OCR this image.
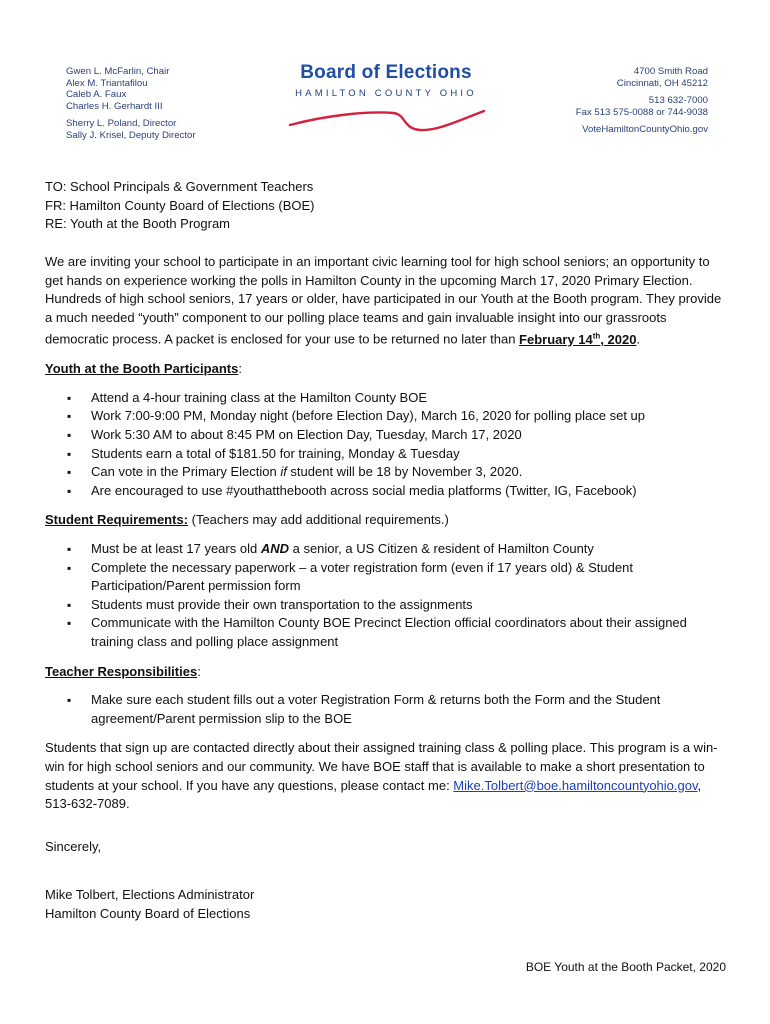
Gwen L. McFarlin, Chair
Alex M. Triantafilou
Caleb A. Faux
Charles H. Gerhardt III
Sherry L. Poland, Director
Sally J. Krisel, Deputy Director
Board of Elections
HAMILTON COUNTY OHIO
4700 Smith Road
Cincinnati, OH 45212
513 632-7000
Fax 513 575-0088 or 744-9038
VoteHamiltonCountyOhio.gov
TO: School Principals & Government Teachers
FR: Hamilton County Board of Elections (BOE)
RE: Youth at the Booth Program

We are inviting your school to participate in an important civic learning tool for high school seniors; an opportunity to get hands on experience working the polls in Hamilton County in the upcoming March 17, 2020 Primary Election. Hundreds of high school seniors, 17 years or older, have participated in our Youth at the Booth program. They provide a much needed “youth” component to our polling place teams and gain invaluable insight into our grassroots democratic process. A packet is enclosed for your use to be returned no later than February 14th, 2020.

Youth at the Booth Participants:

▪ Attend a 4-hour training class at the Hamilton County BOE
▪ Work 7:00-9:00 PM, Monday night (before Election Day), March 16, 2020 for polling place set up
▪ Work 5:30 AM to about 8:45 PM on Election Day, Tuesday, March 17, 2020
▪ Students earn a total of $181.50 for training, Monday & Tuesday
▪ Can vote in the Primary Election if student will be 18 by November 3, 2020.
▪ Are encouraged to use #youthatthebooth across social media platforms (Twitter, IG, Facebook)

Student Requirements: (Teachers may add additional requirements.)

▪ Must be at least 17 years old AND a senior, a US Citizen & resident of Hamilton County
▪ Complete the necessary paperwork – a voter registration form (even if 17 years old) & Student Participation/Parent permission form
▪ Students must provide their own transportation to the assignments
▪ Communicate with the Hamilton County BOE Precinct Election official coordinators about their assigned training class and polling place assignment

Teacher Responsibilities:

▪ Make sure each student fills out a voter Registration Form & returns both the Form and the Student agreement/Parent permission slip to the BOE

Students that sign up are contacted directly about their assigned training class & polling place. This program is a win-win for high school seniors and our community. We have BOE staff that is available to make a short presentation to students at your school. If you have any questions, please contact me: Mike.Tolbert@boe.hamiltoncountyohio.gov, 513-632-7089.

Sincerely,

Mike Tolbert, Elections Administrator

Hamilton County Board of Elections

BOE Youth at the Booth Packet, 2020
